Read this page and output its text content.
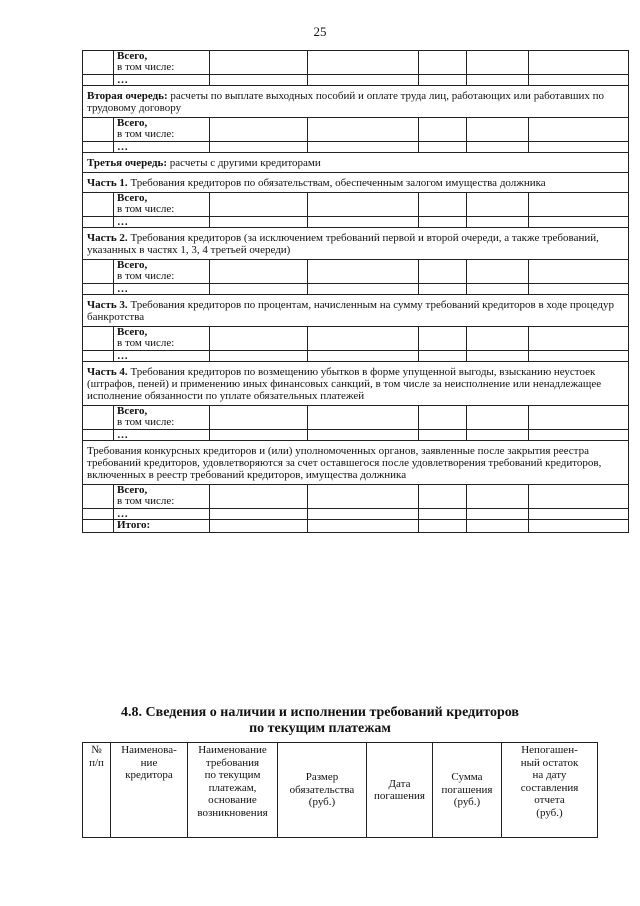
25
	Всего,
в том числе:					
	…					
Вторая очередь: расчеты по выплате выходных пособий и оплате труда лиц, работающих или работавших по трудовому договору						
	Всего,
в том числе:					
	…					
Третья очередь: расчеты с другими кредиторами						
Часть 1. Требования кредиторов по обязательствам, обеспеченным залогом имущества должника						
	Всего,
в том числе:					
	…					
Часть 2. Требования кредиторов (за исключением требований первой и второй очереди, а также требований, указанных в частях 1, 3, 4 третьей очереди)						
	Всего,
в том числе:					
	…					
Часть 3. Требования кредиторов по процентам, начисленным на сумму требований кредиторов в ходе процедур банкротства						
	Всего,
в том числе:					
	…					
Часть 4. Требования кредиторов по возмещению убытков в форме упущенной выгоды, взысканию неустоек (штрафов, пеней) и применению иных финансовых санкций, в том числе за неисполнение или ненадлежащее исполнение обязанности по уплате обязательных платежей						
	Всего,
в том числе:					
	…					
Требования конкурсных кредиторов и (или) уполномоченных органов, заявленные после закрытия реестра требований кредиторов, удовлетворяются за счет оставшегося после удовлетворения требований кредиторов, включенных в реестр требований кредиторов, имущества должника						
	Всего,
в том числе:					
	…					
	Итого:					
4.8. Сведения о наличии и исполнении требований кредиторов
по текущим платежам
№
п/п	Наименова-
ние
кредитора	Наименование
требования
по текущим
платежам,
основание
возникновения	Размер
обязательства
(руб.)	Дата
погашения	Сумма
погашения
(руб.)	Непогашен-
ный остаток
на дату
составления
отчета
(руб.)
